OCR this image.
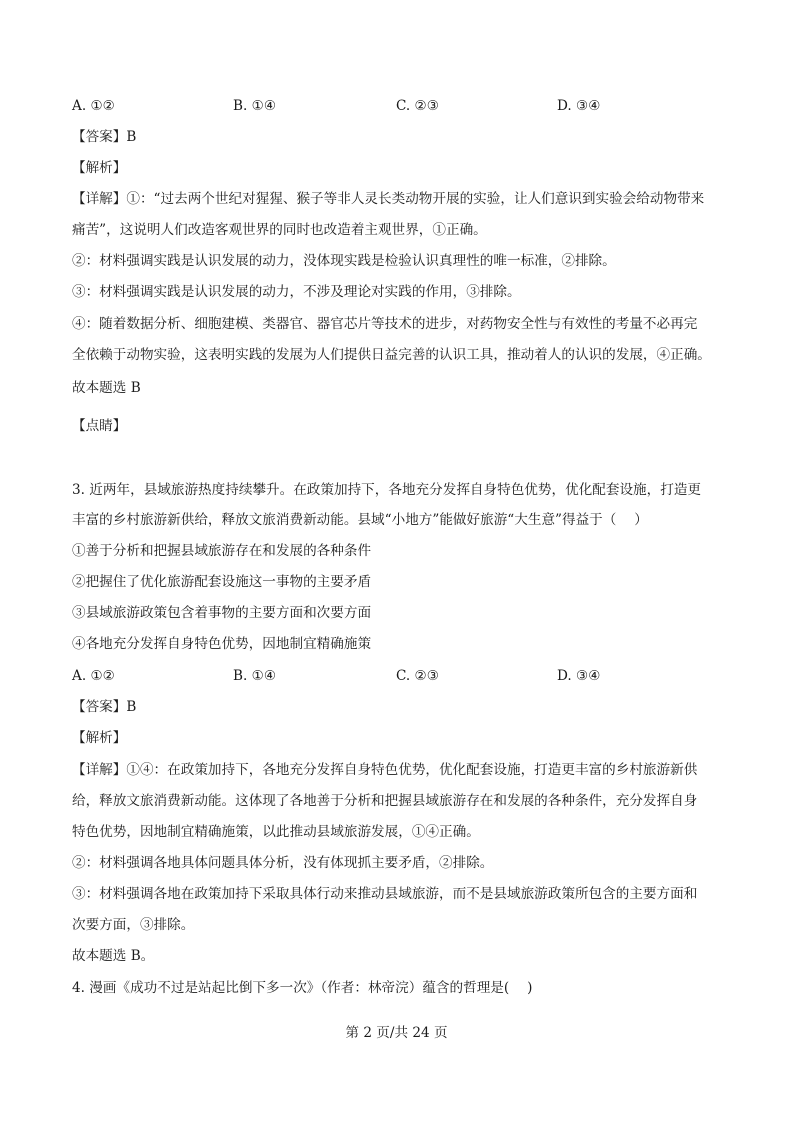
A. ①②	B. ①④	C. ②③	D. ③④
【答案】B
【解析】
【详解】①：“过去两个世纪对猩猩、猴子等非人灵长类动物开展的实验，让人们意识到实验会给动物带来
痛苦”，这说明人们改造客观世界的同时也改造着主观世界，①正确。
②：材料强调实践是认识发展的动力，没体现实践是检验认识真理性的唯一标准，②排除。
③：材料强调实践是认识发展的动力，不涉及理论对实践的作用，③排除。
④：随着数据分析、细胞建模、类器官、器官芯片等技术的进步，对药物安全性与有效性的考量不必再完
全依赖于动物实验，这表明实践的发展为人们提供日益完善的认识工具，推动着人的认识的发展，④正确。
故本题选 B
【点睛】
3. 近两年，县域旅游热度持续攀升。在政策加持下，各地充分发挥自身特色优势，优化配套设施，打造更
丰富的乡村旅游新供给，释放文旅消费新动能。县域“小地方”能做好旅游“大生意”得益于（　 ）
①善于分析和把握县域旅游存在和发展的各种条件
②把握住了优化旅游配套设施这一事物的主要矛盾
③县域旅游政策包含着事物的主要方面和次要方面
④各地充分发挥自身特色优势，因地制宜精确施策
A. ①②	B. ①④	C. ②③	D. ③④
【答案】B
【解析】
【详解】①④：在政策加持下，各地充分发挥自身特色优势，优化配套设施，打造更丰富的乡村旅游新供
给，释放文旅消费新动能。这体现了各地善于分析和把握县域旅游存在和发展的各种条件，充分发挥自身
特色优势，因地制宜精确施策，以此推动县域旅游发展，①④正确。
②：材料强调各地具体问题具体分析，没有体现抓主要矛盾，②排除。
③：材料强调各地在政策加持下采取具体行动来推动县域旅游，而不是县域旅游政策所包含的主要方面和
次要方面，③排除。
故本题选 B。
4. 漫画《成功不过是站起比倒下多一次》（作者：林帝浣）蕴含的哲理是(　 )
第 2 页/共 24 页
